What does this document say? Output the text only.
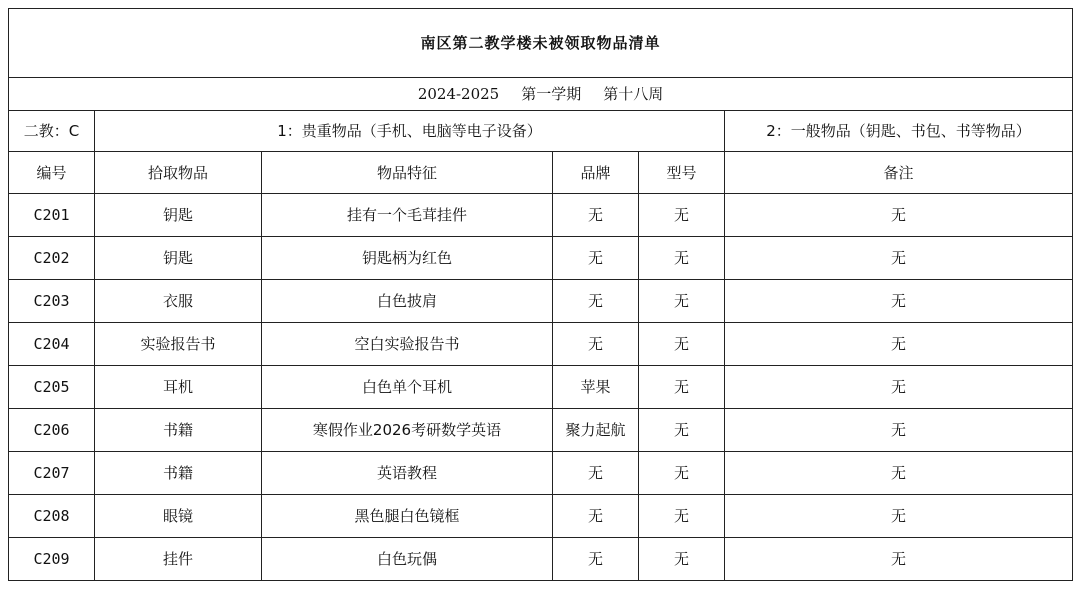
南区第二教学楼未被领取物品清单					
2024-2025 第一学期 第十八周					
二教：C	1：贵重物品（手机、电脑等电子设备）				2：一般物品（钥匙、书包、书等物品）
编号	拾取物品	物品特征	品牌	型号	备注
C201	钥匙	挂有一个毛茸挂件	无	无	无
C202	钥匙	钥匙柄为红色	无	无	无
C203	衣服	白色披肩	无	无	无
C204	实验报告书	空白实验报告书	无	无	无
C205	耳机	白色单个耳机	苹果	无	无
C206	书籍	寒假作业2026考研数学英语	聚力起航	无	无
C207	书籍	英语教程	无	无	无
C208	眼镜	黑色腿白色镜框	无	无	无
C209	挂件	白色玩偶	无	无	无
